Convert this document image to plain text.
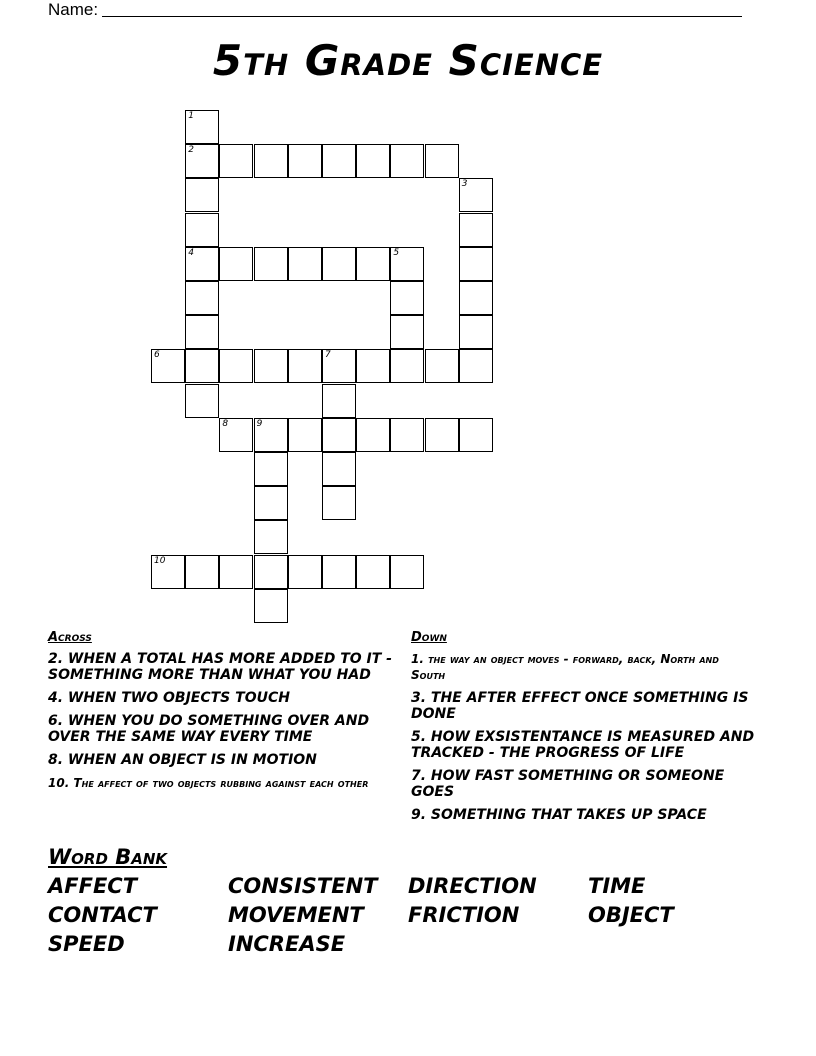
Name:
5th Grade Science
1
2
3
4	5
6	7
8	9
10
Across
2. WHEN A TOTAL HAS MORE ADDED TO IT - SOMETHING MORE THAN WHAT YOU HAD
4. WHEN TWO OBJECTS TOUCH
6. WHEN YOU DO SOMETHING OVER AND OVER THE SAME WAY EVERY TIME
8. WHEN AN OBJECT IS IN MOTION
10. The affect of two objects rubbing against each other
Down
1. the way an object moves - forward, back, North and South
3. THE AFTER EFFECT ONCE SOMETHING IS DONE
5. HOW EXSISTENTANCE IS MEASURED AND TRACKED - THE PROGRESS OF LIFE
7. HOW FAST SOMETHING OR SOMEONE GOES
9. SOMETHING THAT TAKES UP SPACE
Word Bank
AFFECT	CONSISTENT	DIRECTION	TIME
CONTACT	MOVEMENT	FRICTION	OBJECT
SPEED	INCREASE
